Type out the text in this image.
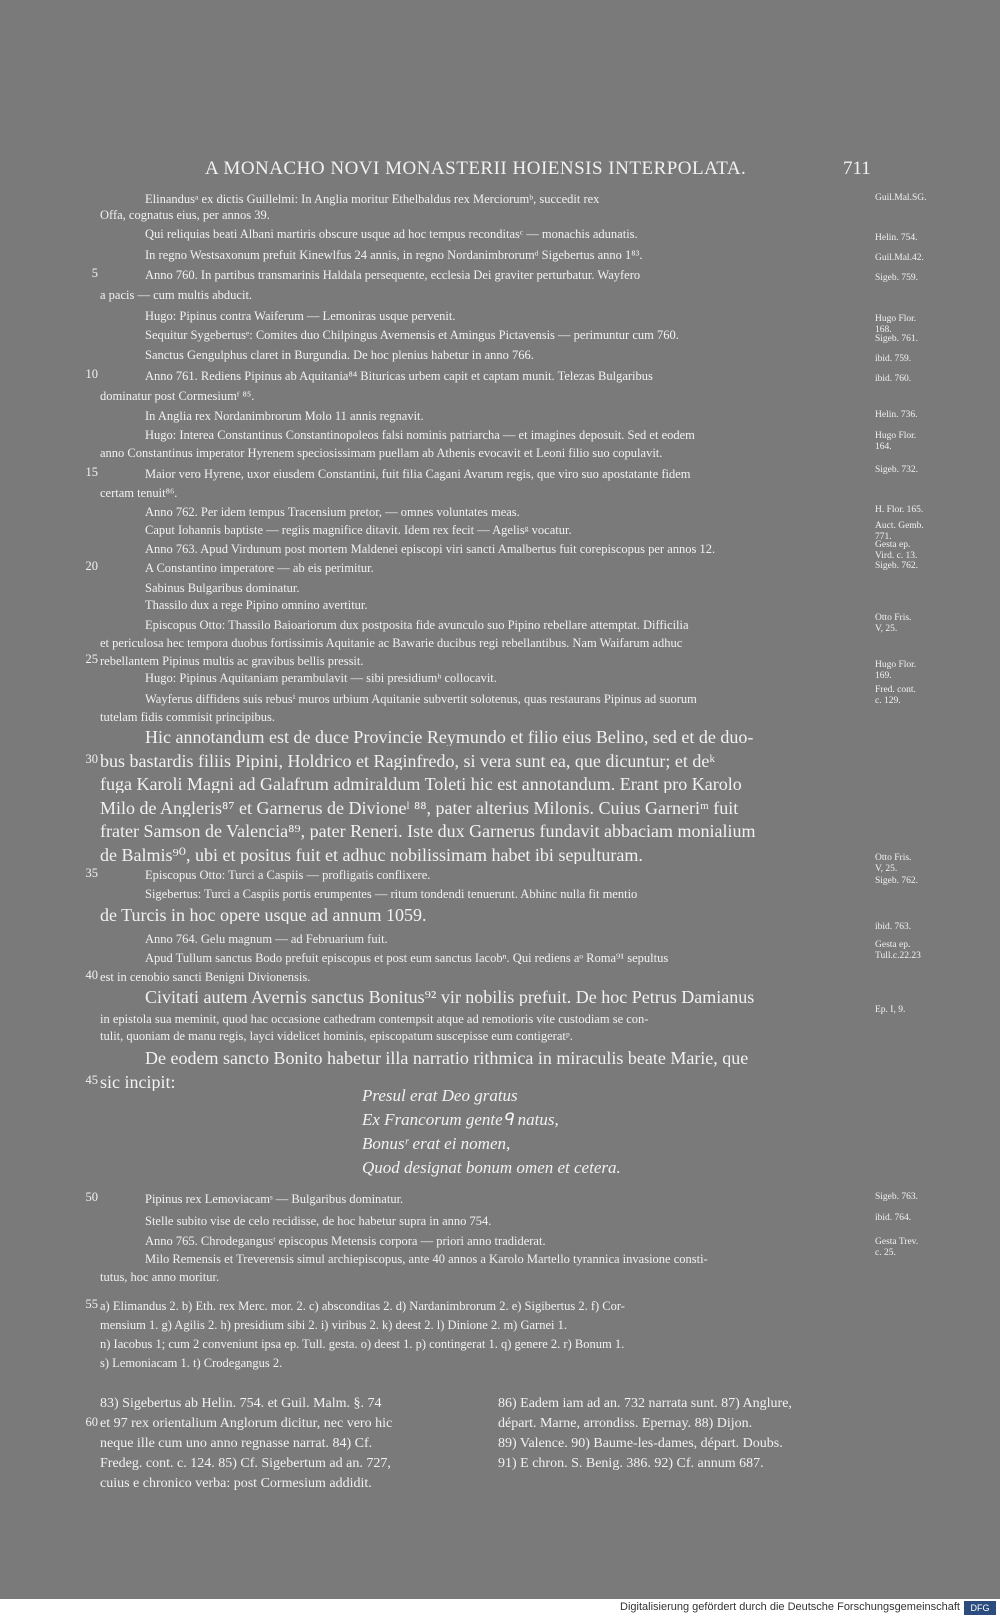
A MONACHO NOVI MONASTERII HOIENSIS INTERPOLATA.	711
Elinandusᵃ ex dictis Guillelmi: In Anglia moritur Ethelbaldus rex Merciorumᵇ, succedit rex
Offa, cognatus eius, per annos 39.
Qui reliquias beati Albani martiris obscure usque ad hoc tempus reconditasᶜ — monachis adunatis.
In regno Westsaxonum prefuit Kinewlfus 24 annis, in regno Nordanimbrorumᵈ Sigebertus anno 1⁸³.
Anno 760. In partibus transmarinis Haldala persequente, ecclesia Dei graviter perturbatur. Wayfero
5
a pacis — cum multis abducit.
Hugo: Pipinus contra Waiferum — Lemoniras usque pervenit.
Sequitur Sygebertusᵉ: Comites duo Chilpingus Avernensis et Amingus Pictavensis — perimuntur cum 760.
Sanctus Gengulphus claret in Burgundia. De hoc plenius habetur in anno 766.
Anno 761. Rediens Pipinus ab Aquitania⁸⁴ Bituricas urbem capit et captam munit. Telezas Bulgaribus
10
dominatur post Cormesiumᶠ ⁸⁵.
In Anglia rex Nordanimbrorum Molo 11 annis regnavit.
Hugo: Interea Constantinus Constantinopoleos falsi nominis patriarcha — et imagines deposuit. Sed et eodem
anno Constantinus imperator Hyrenem speciosissimam puellam ab Athenis evocavit et Leoni filio suo copulavit.
Maior vero Hyrene, uxor eiusdem Constantini, fuit filia Cagani Avarum regis, que viro suo apostatante fidem
15
certam tenuit⁸⁶.
Anno 762. Per idem tempus Tracensium pretor, — omnes voluntates meas.
Caput Iohannis baptiste — regiis magnifice ditavit. Idem rex fecit — Agelisᵍ vocatur.
Anno 763. Apud Virdunum post mortem Maldenei episcopi viri sancti Amalbertus fuit corepiscopus per annos 12.
A Constantino imperatore — ab eis perimitur.
20
Sabinus Bulgaribus dominatur.
Thassilo dux a rege Pipino omnino avertitur.
Episcopus Otto: Thassilo Baioariorum dux postposita fide avunculo suo Pipino rebellare attemptat. Difficilia
et periculosa hec tempora duobus fortissimis Aquitanie ac Bawarie ducibus regi rebellantibus. Nam Waifarum adhuc
rebellantem Pipinus multis ac gravibus bellis pressit.
25
Hugo: Pipinus Aquitaniam perambulavit — sibi presidiumʰ collocavit.
Wayferus diffidens suis rebusⁱ muros urbium Aquitanie subvertit solotenus, quas restaurans Pipinus ad suorum
tutelam fidis commisit principibus.
Hic annotandum est de duce Provincie Reymundo et filio eius Belino, sed et de duo-
bus bastardis filiis Pipini, Holdrico et Raginfredo, si vera sunt ea, que dicuntur; et deᵏ
30
fuga Karoli Magni ad Galafrum admiraldum Toleti hic est annotandum. Erant pro Karolo
Milo de Angleris⁸⁷ et Garnerus de Divioneˡ ⁸⁸, pater alterius Milonis. Cuius Garneriᵐ fuit
frater Samson de Valencia⁸⁹, pater Reneri. Iste dux Garnerus fundavit abbaciam monialium
de Balmis⁹⁰, ubi et positus fuit et adhuc nobilissimam habet ibi sepulturam.
Episcopus Otto: Turci a Caspiis — profligatis conflixere.
35
Sigebertus: Turci a Caspiis portis erumpentes — ritum tondendi tenuerunt. Abhinc nulla fit mentio
de Turcis in hoc opere usque ad annum 1059.
Anno 764. Gelu magnum — ad Februarium fuit.
Apud Tullum sanctus Bodo prefuit episcopus et post eum sanctus Iacobⁿ. Qui rediens aᵒ Roma⁹¹ sepultus
est in cenobio sancti Benigni Divionensis.
40
Civitati autem Avernis sanctus Bonitus⁹² vir nobilis prefuit. De hoc Petrus Damianus
in epistola sua meminit, quod hac occasione cathedram contempsit atque ad remotioris vite custodiam se con-
tulit, quoniam de manu regis, layci videlicet hominis, episcopatum suscepisse eum contigeratᵖ.
De eodem sancto Bonito habetur illa narratio rithmica in miraculis beate Marie, que
sic incipit:
45
Presul erat Deo gratus
Ex Francorum genteᑫ natus,
Bonusʳ erat ei nomen,
Quod designat bonum omen et cetera.
Pipinus rex Lemoviacamˢ — Bulgaribus dominatur.
50
Stelle subito vise de celo recidisse, de hoc habetur supra in anno 754.
Anno 765. Chrodegangusᵗ episcopus Metensis corpora — priori anno tradiderat.
Milo Remensis et Treverensis simul archiepiscopus, ante 40 annos a Karolo Martello tyrannica invasione consti-
tutus, hoc anno moritur.
Guil.Mal.SG.
Helin. 754.
Guil.Mal.42.
Sigeb. 759.
Hugo Flor.
168.
Sigeb. 761.
ibid. 759.
ibid. 760.
Helin. 736.
Hugo Flor.
164.
Sigeb. 732.
H. Flor. 165.
Auct. Gemb.
771.
Gesta ep.
Vird. c. 13.
Sigeb. 762.
Otto Fris.
V, 25.
Hugo Flor.
169.
Fred. cont.
c. 129.
Otto Fris.
V, 25.
Sigeb. 762.
ibid. 763.
Gesta ep.
Tull.c.22.23
Ep. I, 9.
Sigeb. 763.
ibid. 764.
Gesta Trev.
c. 25.
a) Elimandus 2. b) Eth. rex Merc. mor. 2. c) absconditas 2. d) Nardanimbrorum 2. e) Sigibertus 2. f) Cor-
mensium 1. g) Agilis 2. h) presidium sibi 2. i) viribus 2. k) deest 2. l) Dinione 2. m) Garnei 1.
n) Iacobus 1; cum 2 conveniunt ipsa ep. Tull. gesta. o) deest 1. p) contingerat 1. q) genere 2. r) Bonum 1.
s) Lemoniacam 1. t) Crodegangus 2.
55
83) Sigebertus ab Helin. 754. et Guil. Malm. §. 74
et 97 rex orientalium Anglorum dicitur, nec vero hic
neque ille cum uno anno regnasse narrat. 84) Cf.
Fredeg. cont. c. 124. 85) Cf. Sigebertum ad an. 727,
cuius e chronico verba: post Cormesium addidit.
86) Eadem iam ad an. 732 narrata sunt. 87) Anglure,
départ. Marne, arrondiss. Epernay. 88) Dijon.
89) Valence. 90) Baume-les-dames, départ. Doubs.
91) E chron. S. Benig. 386. 92) Cf. annum 687.
60
Digitalisierung gefördert durch die Deutsche Forschungsgemeinschaft	DFG
